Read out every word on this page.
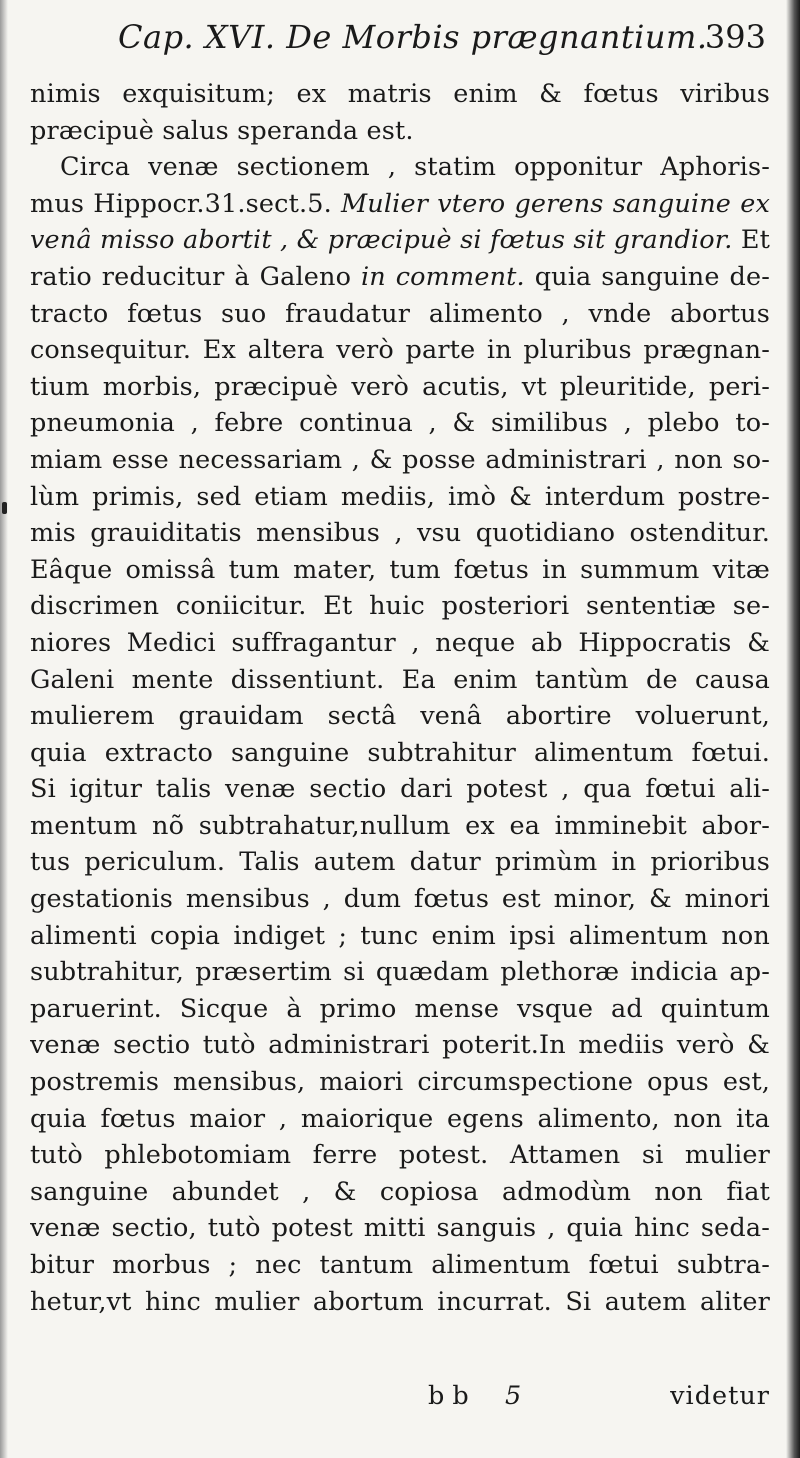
Cap. XVI. De Morbis prægnantium.
393
nimis exquisitum; ex matris enim & fœtus viribus
præcipuè salus speranda est.
Circa venæ sectionem , statim opponitur Aphoris-
mus Hippocr.31.sect.5. Mulier vtero gerens sanguine ex
venâ misso abortit , & præcipuè si fœtus sit grandior. Et
ratio reducitur à Galeno in comment. quia sanguine de-
tracto fœtus suo fraudatur alimento , vnde abortus
consequitur. Ex altera verò parte in pluribus prægnan-
tium morbis, præcipuè verò acutis, vt pleuritide, peri-
pneumonia , febre continua , & similibus , plebo to-
miam esse necessariam , & posse administrari , non so-
lùm primis, sed etiam mediis, imò & interdum postre-
mis grauiditatis mensibus , vsu quotidiano ostenditur.
Eâque omissâ tum mater, tum fœtus in summum vitæ
discrimen coniicitur. Et huic posteriori sententiæ se-
niores Medici suffragantur , neque ab Hippocratis &
Galeni mente dissentiunt. Ea enim tantùm de causa
mulierem grauidam sectâ venâ abortire voluerunt,
quia extracto sanguine subtrahitur alimentum fœtui.
Si igitur talis venæ sectio dari potest , qua fœtui ali-
mentum nõ subtrahatur,nullum ex ea imminebit abor-
tus periculum. Talis autem datur primùm in prioribus
gestationis mensibus , dum fœtus est minor, & minori
alimenti copia indiget ; tunc enim ipsi alimentum non
subtrahitur, præsertim si quædam plethoræ indicia ap-
paruerint. Sicque à primo mense vsque ad quintum
venæ sectio tutò administrari poterit.In mediis verò &
postremis mensibus, maiori circumspectione opus est,
quia fœtus maior , maiorique egens alimento, non ita
tutò phlebotomiam ferre potest. Attamen si mulier
sanguine abundet , & copiosa admodùm non fiat
venæ sectio, tutò potest mitti sanguis , quia hinc seda-
bitur morbus ; nec tantum alimentum fœtui subtra-
hetur,vt hinc mulier abortum incurrat. Si autem aliter
bb 5	videtur
